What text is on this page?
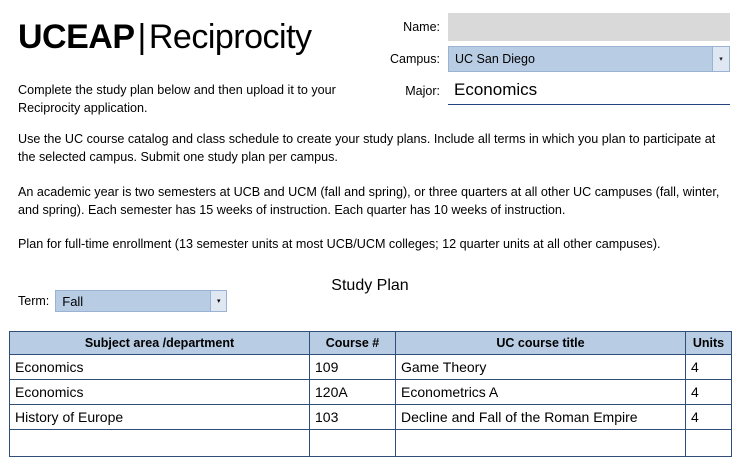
UCEAP|Reciprocity	Name:
Campus:	UC San Diego	▾
Major: Economics
Complete the study plan below and then upload it to your Reciprocity application.

Use the UC course catalog and class schedule to create your study plans. Include all terms in which you plan to participate at the selected campus. Submit one study plan per campus.

An academic year is two semesters at UCB and UCM (fall and spring), or three quarters at all other UC campuses (fall, winter, and spring). Each semester has 15 weeks of instruction. Each quarter has 10 weeks of instruction.

Plan for full-time enrollment (13 semester units at most UCB/UCM colleges; 12 quarter units at all other campuses).

Study Plan
Term:	Fall	▾
Subject area /department	Course #	UC course title	Units
Economics	109	Game Theory	4
Economics	120A	Econometrics A	4
History of Europe	103	Decline and Fall of the Roman Empire	4
